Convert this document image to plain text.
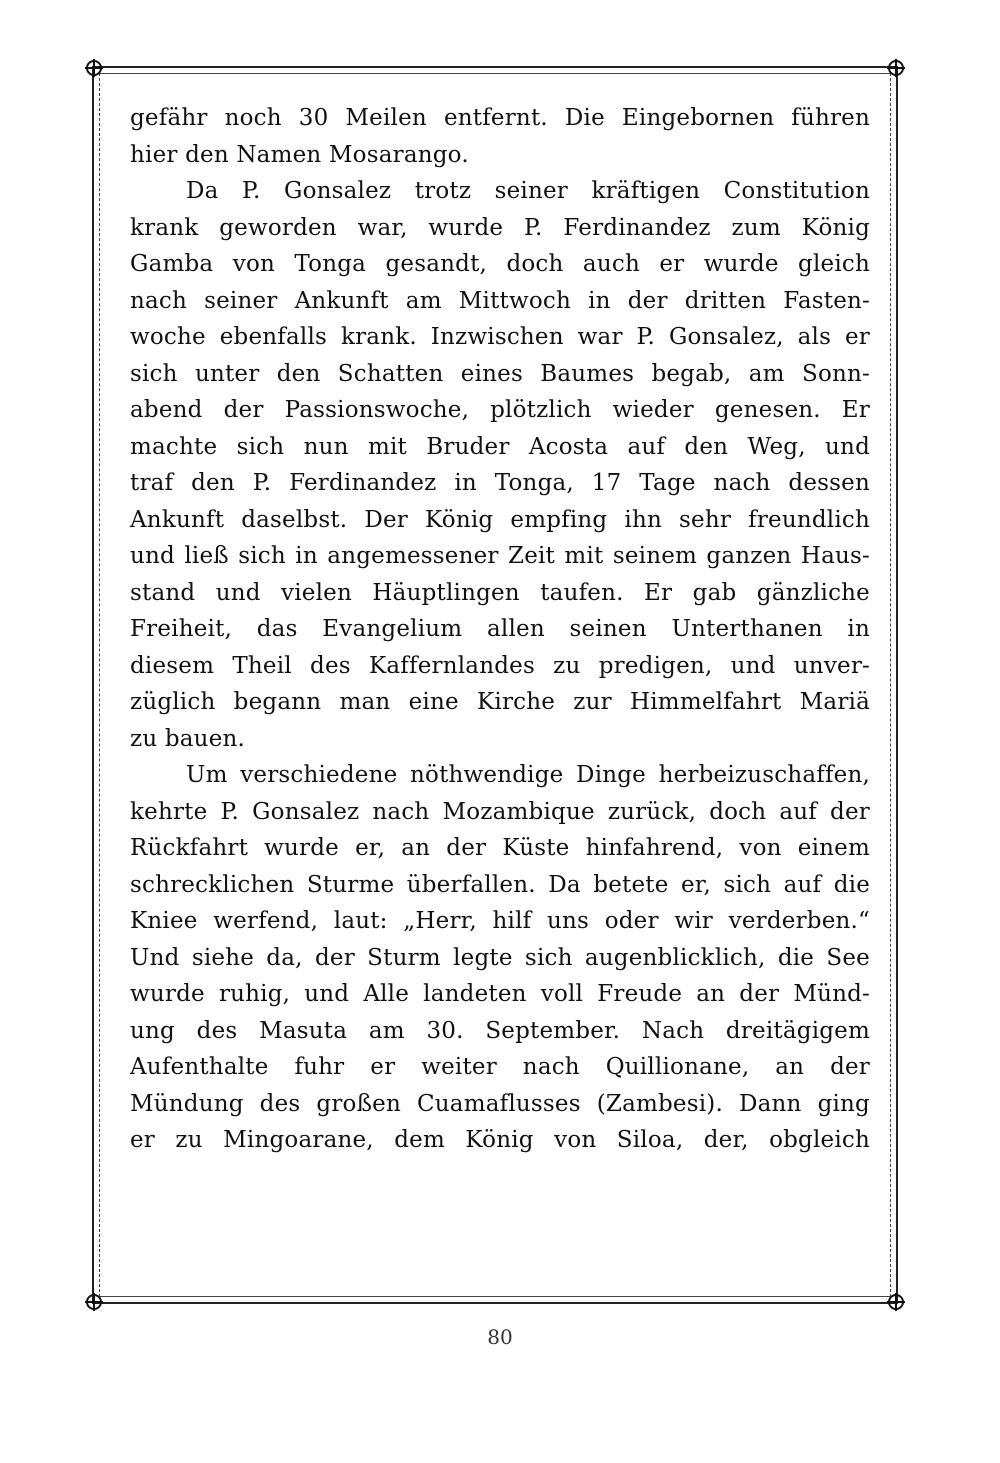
gefähr noch 30 Meilen entfernt. Die Eingebornen führen
hier den Namen Mosarango.
Da P. Gonsalez trotz seiner kräftigen Constitution
krank geworden war, wurde P. Ferdinandez zum König
Gamba von Tonga gesandt, doch auch er wurde gleich
nach seiner Ankunft am Mittwoch in der dritten Fasten-
woche ebenfalls krank. Inzwischen war P. Gonsalez, als er
sich unter den Schatten eines Baumes begab, am Sonn-
abend der Passionswoche, plötzlich wieder genesen. Er
machte sich nun mit Bruder Acosta auf den Weg, und
traf den P. Ferdinandez in Tonga, 17 Tage nach dessen
Ankunft daselbst. Der König empfing ihn sehr freundlich
und ließ sich in angemessener Zeit mit seinem ganzen Haus-
stand und vielen Häuptlingen taufen. Er gab gänzliche
Freiheit, das Evangelium allen seinen Unterthanen in
diesem Theil des Kaffernlandes zu predigen, und unver-
züglich begann man eine Kirche zur Himmelfahrt Mariä
zu bauen.
Um verschiedene nöthwendige Dinge herbeizuschaffen,
kehrte P. Gonsalez nach Mozambique zurück, doch auf der
Rückfahrt wurde er, an der Küste hinfahrend, von einem
schrecklichen Sturme überfallen. Da betete er, sich auf die
Kniee werfend, laut: „Herr, hilf uns oder wir verderben.“
Und siehe da, der Sturm legte sich augenblicklich, die See
wurde ruhig, und Alle landeten voll Freude an der Münd-
ung des Masuta am 30. September. Nach dreitägigem
Aufenthalte fuhr er weiter nach Quillionane, an der
Mündung des großen Cuamaflusses (Zambesi). Dann ging
er zu Mingoarane, dem König von Siloa, der, obgleich
80
